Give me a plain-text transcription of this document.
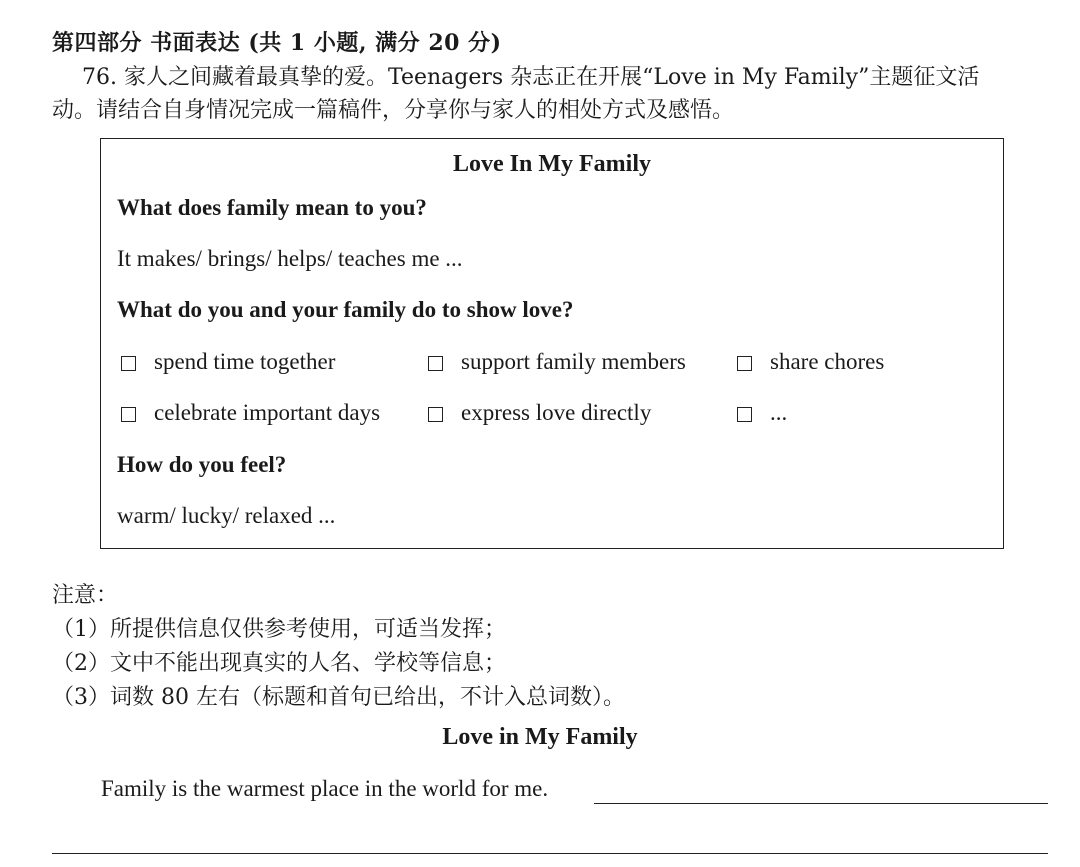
第四部分 书面表达 (共 1 小题, 满分 20 分)
76. 家人之间藏着最真挚的爱。Teenagers 杂志正在开展“Love in My Family”主题征文活
动。请结合自身情况完成一篇稿件，分享你与家人的相处方式及感悟。
Love In My Family
What does family mean to you?
It makes/ brings/ helps/ teaches me ...
What do you and your family do to show love?
spend time together	support family members	share chores
celebrate important days	express love directly	...
How do you feel?
warm/ lucky/ relaxed ...
注意：
（1）所提供信息仅供参考使用，可适当发挥；
（2）文中不能出现真实的人名、学校等信息；
（3）词数 80 左右（标题和首句已给出，不计入总词数）。
Love in My Family
Family is the warmest place in the world for me.
